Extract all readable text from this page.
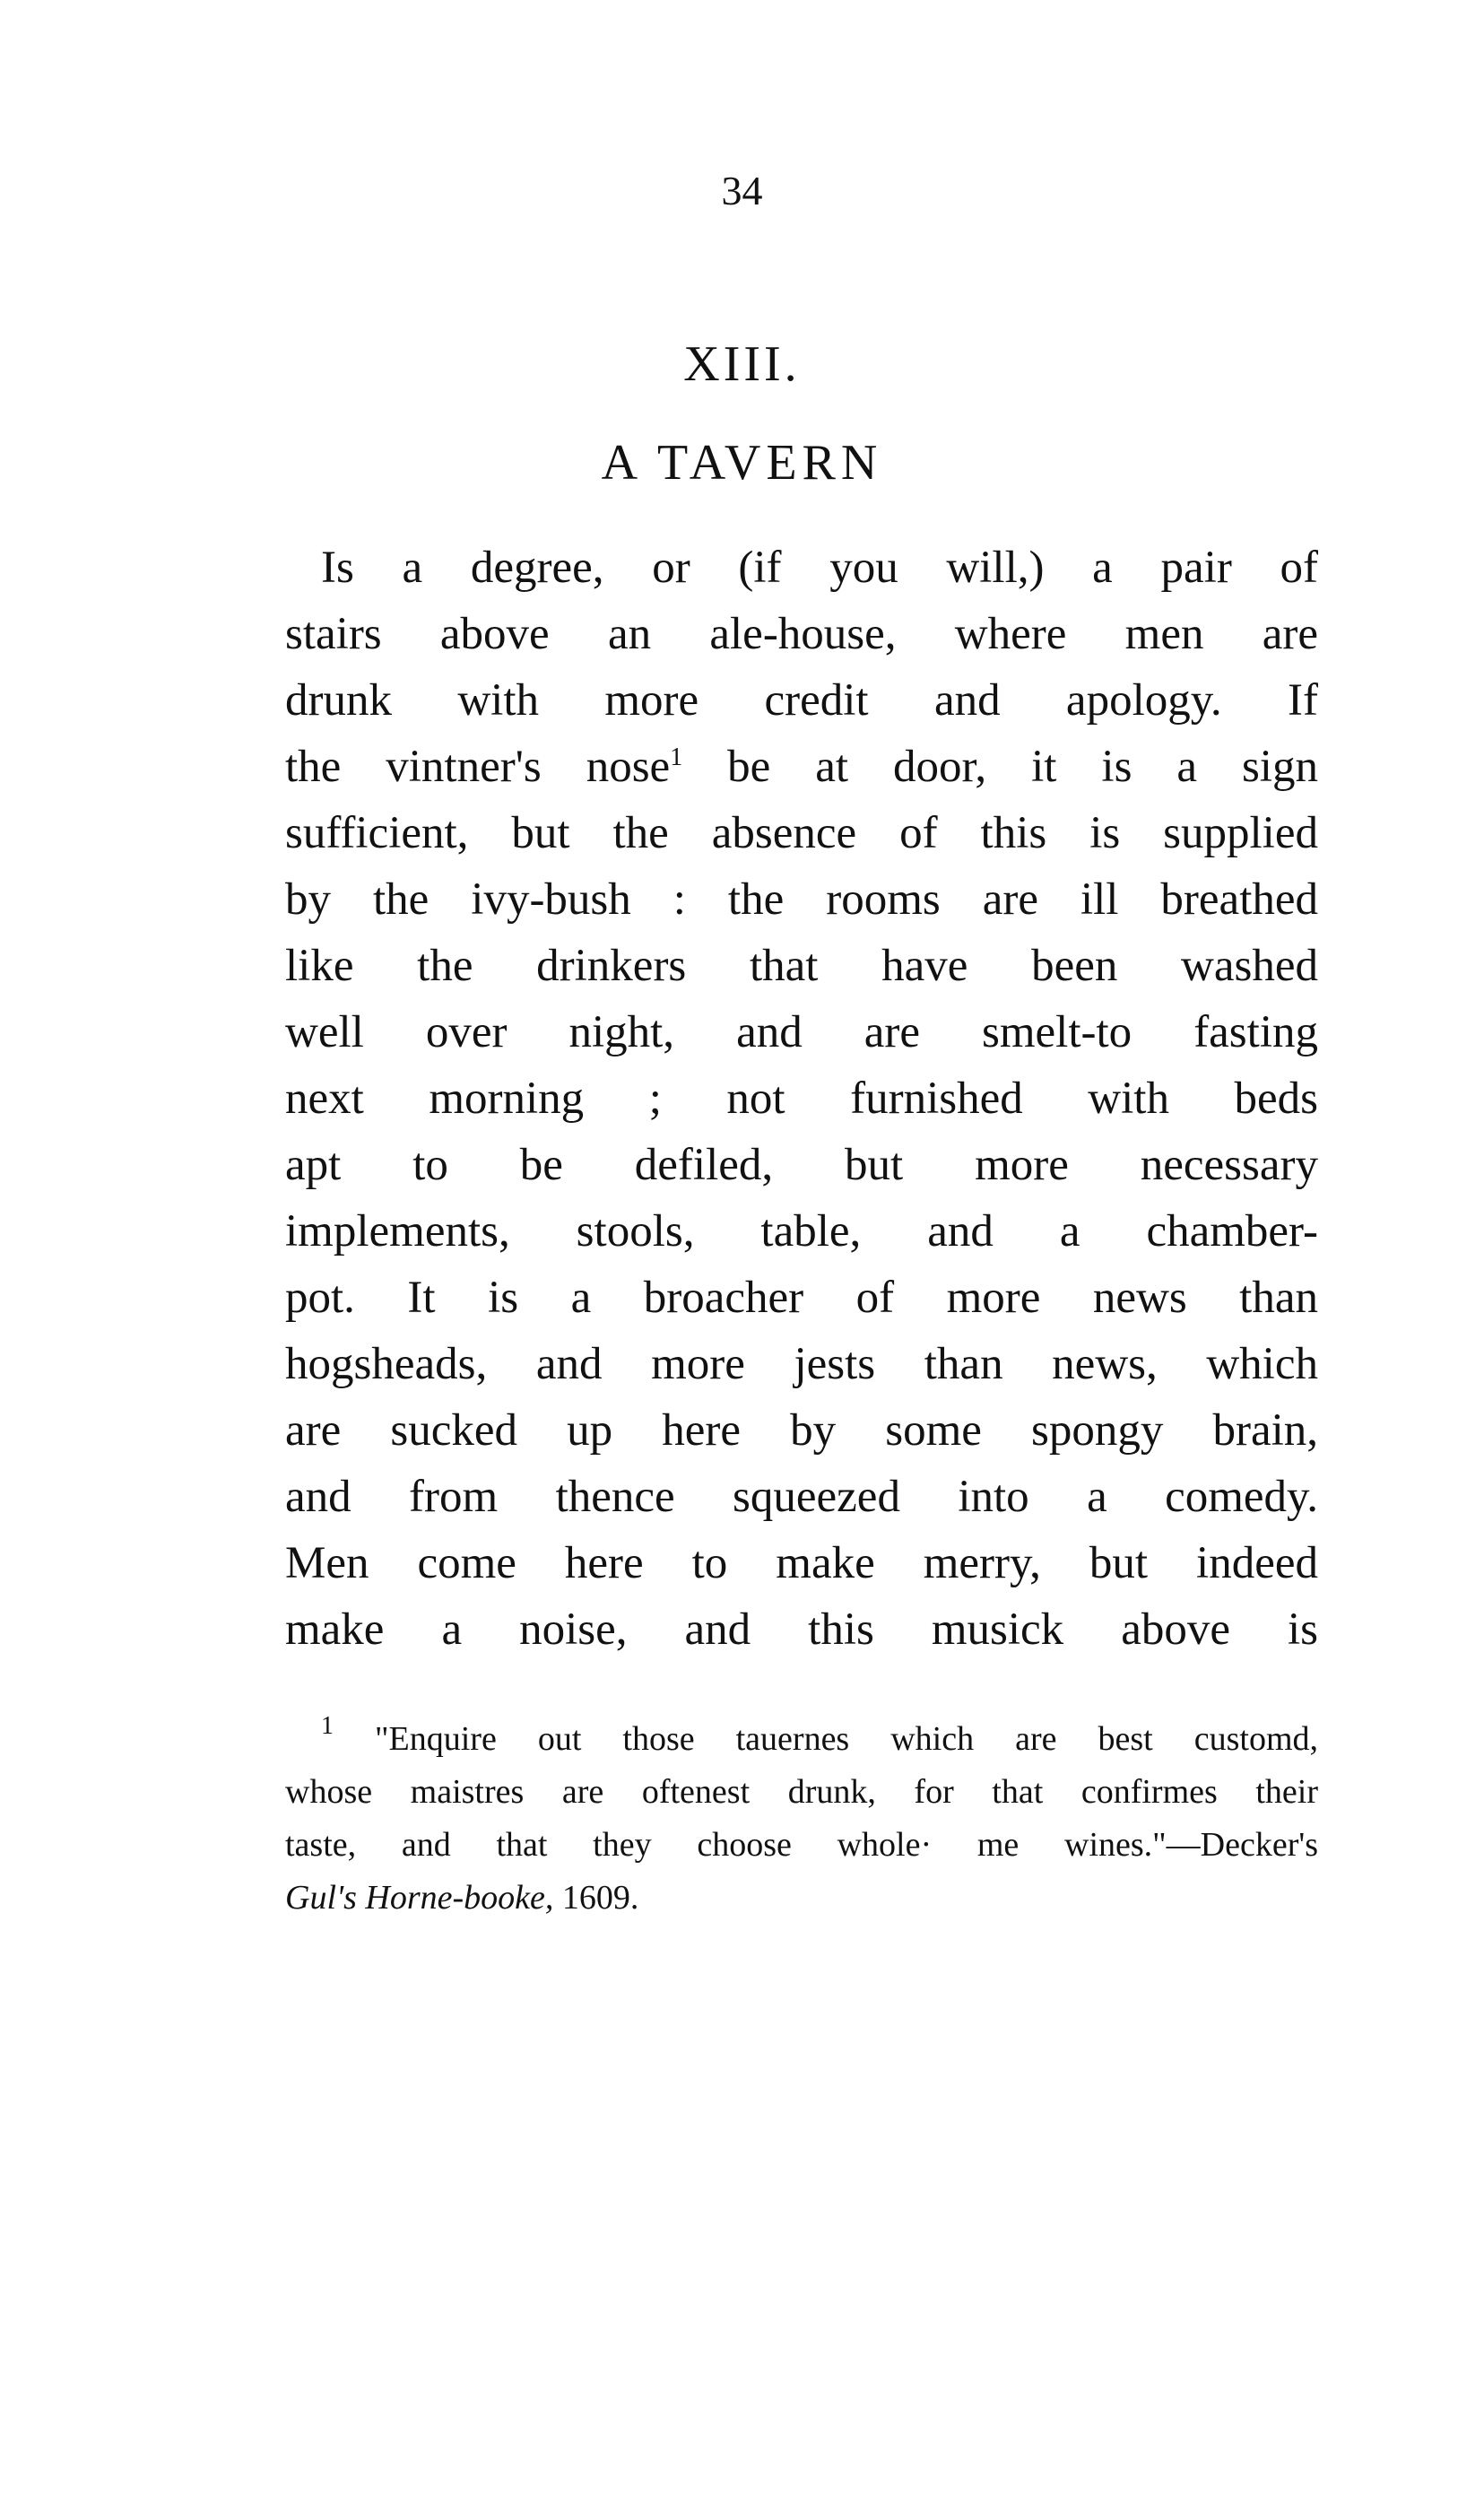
34
XIII.
A TAVERN
Is a degree, or (if you will,) a pair of
stairs above an ale-house, where men are
drunk with more credit and apology. If
the vintner's nose$^1$ be at door, it is a sign
sufficient, but the absence of this is supplied
by the ivy-bush : the rooms are ill breathed
like the drinkers that have been washed
well over night, and are smelt-to fasting
next morning ; not furnished with beds
apt to be defiled, but more necessary
implements, stools, table, and a chamber-
pot. It is a broacher of more news than
hogsheads, and more jests than news, which
are sucked up here by some spongy brain,
and from thence squeezed into a comedy.
Men come here to make merry, but indeed
make a noise, and this musick above is
$^1$ "Enquire out those tauernes which are best customd,
whose maistres are oftenest drunk, for that confirmes their
taste, and that they choose whole· me wines."—Decker's
Gul's Horne-booke, 1609.
